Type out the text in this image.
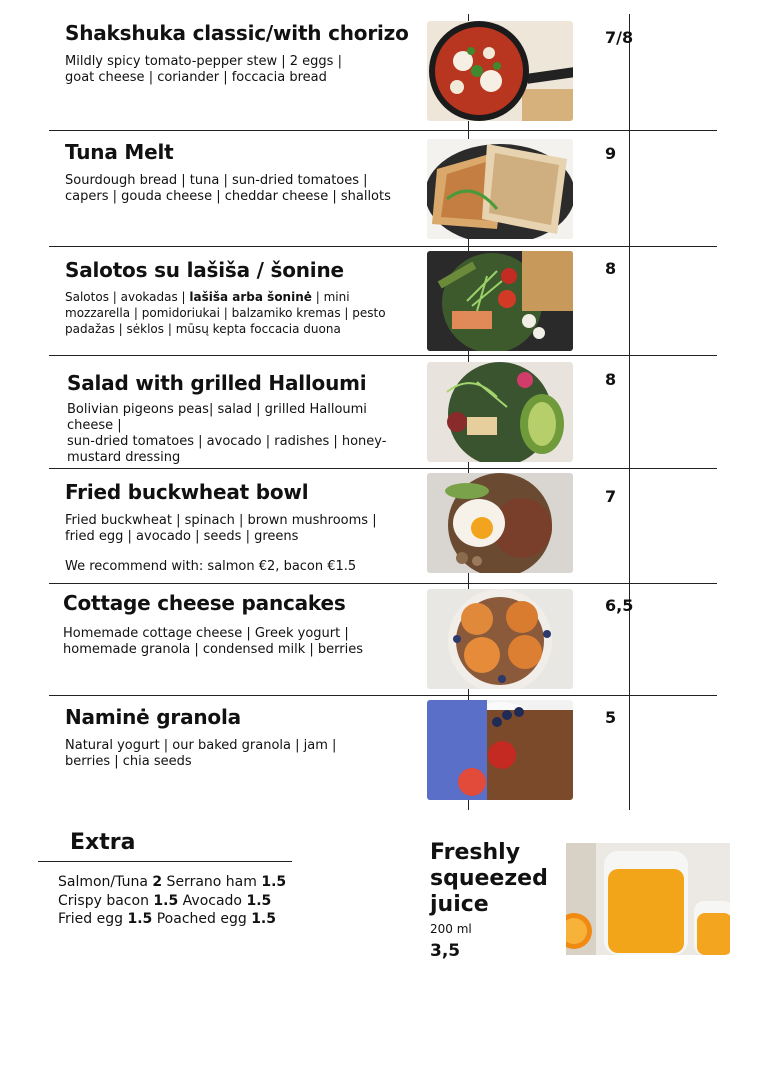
Shakshuka classic/with chorizo
Mildly spicy tomato-pepper stew | 2 eggs |
goat cheese | coriander | foccacia bread
7/8
Tuna Melt
Sourdough bread | tuna | sun-dried tomatoes |
capers | gouda cheese | cheddar cheese | shallots
9
Salotos su lašiša / šonine
Salotos | avokadas | lašiša arba šoninė | mini mozzarella | pomidoriukai | balzamiko kremas | pesto padažas | sėklos | mūsų kepta foccacia duona
8
Salad with grilled Halloumi
Bolivian pigeons peas| salad | grilled Halloumi cheese |
sun-dried tomatoes | avocado | radishes | honey-
mustard dressing
8
Fried buckwheat bowl
Fried buckwheat | spinach | brown mushrooms |
fried egg | avocado | seeds | greens
We recommend with: salmon €2, bacon €1.5
7
Cottage cheese pancakes
Homemade cottage cheese | Greek yogurt |
homemade granola | condensed milk | berries
6,5
Naminė granola
Natural yogurt | our baked granola | jam |
berries | chia seeds
5
Extra
Salmon/Tuna 2 Serrano ham 1.5
Crispy bacon 1.5 Avocado 1.5
Fried egg 1.5 Poached egg 1.5
Freshly squeezed juice
200 ml
3,5
